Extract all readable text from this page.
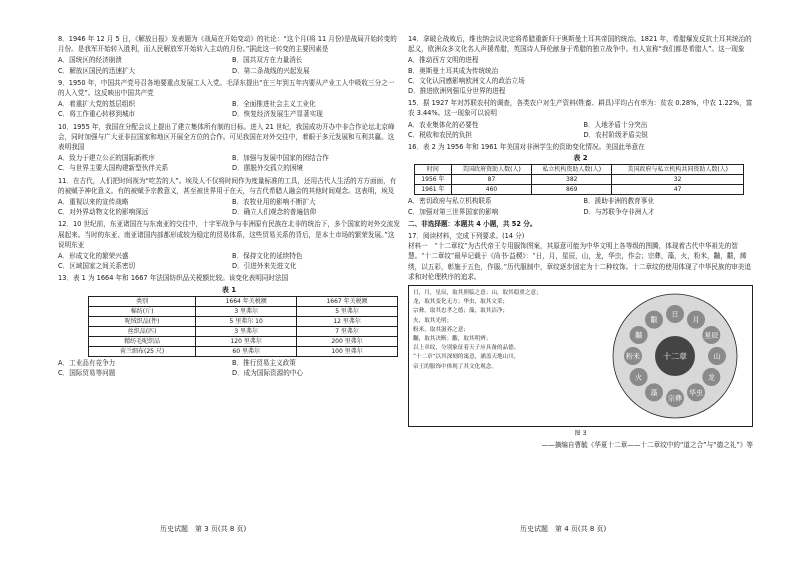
8．1946 年 12 月 5 日，《解放日报》发表题为《战局在开始变动》的社论：“这个月(将 11 月份)是战局开始转变的月份。是我军开始转入胜利，而人民解放军开始转入主动的月份。”据此这一转变的主要因素是
A．国统区的经济崩溃	B．国共双方在力量消长
C．解放区国民的迅速扩大	D．第二条战线的兴起发展
9．1950 年，中国共产党号召各地要重点发展工人入党。毛泽东提出“在三年到五年内要从产业工人中吸收三分之一的人入党”。这反映出中国共产党
A．着重扩大党的基层组织	B．全面推进社会主义工业化
C．将工作重心转移到城市	D．恢复经济发展生产显著实现
10．1955 年，我国在分配会议上提出了建立集体所有制的目标。进入 21 世纪，我国成功开办中非合作论坛北京峰会，同时加强与广大亚非拉国家和地区开展全方位的合作。可见我国在对外交往中，着眼于多元发展和互利共赢。这表明我国
A．致力于建立公正的国际新秩序	B．加强与发展中国家的团结合作
C．与世界主要大国构建新型伙伴关系	D．摆脱外交孤立的困境
11．在古代，人们把时间视为“吃苦的人”。埃及人不仅将时间作为度量标准的工具，还用古代人生活的方方面面，有的被赋予神化意义。有的被赋予宗教意义，甚至被世界用于在天，与古代希腊人融会的其他时间观念。这表明，埃及
A．重视以来的宣传战略	B．农牧业用的影响不断扩大
C．对外界动物文化的影响深远	D．确立人们观念的普遍信仰
12．10 世纪前，东亚诸国在与东南亚的交往中，十字军战争与非洲原有民族在北非的统治下，多个国家的对外交流发展起来。当时的东亚、南亚诸国内部都形成较为稳定的贸易体系，这些贸易关系的背后，是本土市场的繁荣发展。”这说明东亚
A．形成文化的繁荣兴盛	B．保持文化的延续特色
C．区域国家之间关系密切	D．引进外来先进文化
13．表 1 为 1664 年和 1667 年法国纺织品关税额比较。该变化表明同时法国
表 1
类别	1664 年关税额	1667 年关税额
棉纺(斤)	3 里弗尔	5 里弗尔
呢绒织品(件)	5 里弗尔 10	12 里弗尔
丝织品(匹)	3 里弗尔	7 里弗尔
精纺毛呢织品	120 里弗尔	200 里弗尔
荷兰细布(25 尺)	60 里弗尔	100 里弗尔
A．工业品有竞争力	B．推行贸易主义政策
C．国际贸易等问题	D．成为国际资源的中心
14．拿破仑战败后，维也纳会议决定将希腊重新归于奥斯曼土耳其帝国的统治。1821 年，希腊爆发反抗土耳其统治的起义，欧洲众多文化名人声援希腊，英国诗人拜伦献身于希腊的独立战争中。有人宣称“我们都是希腊人”。这一现象
A．推动西方文明的进程
B．奥斯曼土耳其成为传统统治
C．文化认同感影响欧洲文人的政治立场
D．推进欧洲列强瓜分世界的进程
15．据 1927 年对苏联农村的调查，各类农户对生产资料(牲畜、耕具)平均占有率为：贫农 0.28%，中农 1.22%，富农 3.44%。这一现象可以说明
A．农业集体化的必要性	B．人地矛盾十分突出
C．税收和农民的负担	D．农村阶级矛盾尖锐
16．表 2 为 1956 年和 1961 年美国对非洲学生的资助变化情况。美国此举意在
表 2
时间	美国政府资助人数(人)	私立机构资助人数(人)	美国政府与私立机构共同资助人数(人)
1956 年	87	382	32
1961 年	460	869	47
A．密切政府与私立机构联系	B．援助非洲的教育事业
C．加强对第三世界国家的影响	D．与苏联争夺非洲人才
二、非选择题：本题共 4 小题，共 52 分。
17．阅读材料，完成下列要求。(14 分)
材料一　“十二章纹”为古代帝王专用服饰图案，其原意可能为中华文明上各等级的图腾，体现着古代中华祖先的智慧。“十二章纹”最早记载于《尚书·益稷》：“日，月，星辰，山，龙，华虫，作会；宗彝，藻，火，粉米，黼，黻，絺绣，以五彩，彰施于五色，作服。”历代服制中，章纹逐步固定为十二种纹饰。十二章纹的使用体现了中华民族的审美追求和对伦理秩序的追求。
日，月，星辰，取其照临之意；山，取其稳重之意；
龙，取其变化无方；华虫，取其文采；
宗彝，取其忠孝之德；藻，取其洁净；
火，取其光明；
粉米，取其滋养之意；
黼，取其决断；黻，取其明辨；
以上章纹，分别象征着天子应具备的品德。
“十二章”以其深刻的寓意，涵盖天地山川，
帝王的服饰中体现了其文化观念。
十二章
日
月
星辰
山
龙
华虫
宗彝
藻
火
粉米
黼
黻
图 3
——摘编自曹毓《华夏十二章——十二章纹中的“道之合”与“德之礼”》等
历史试题　第 3 页(共 8 页)	历史试题　第 4 页(共 8 页)
